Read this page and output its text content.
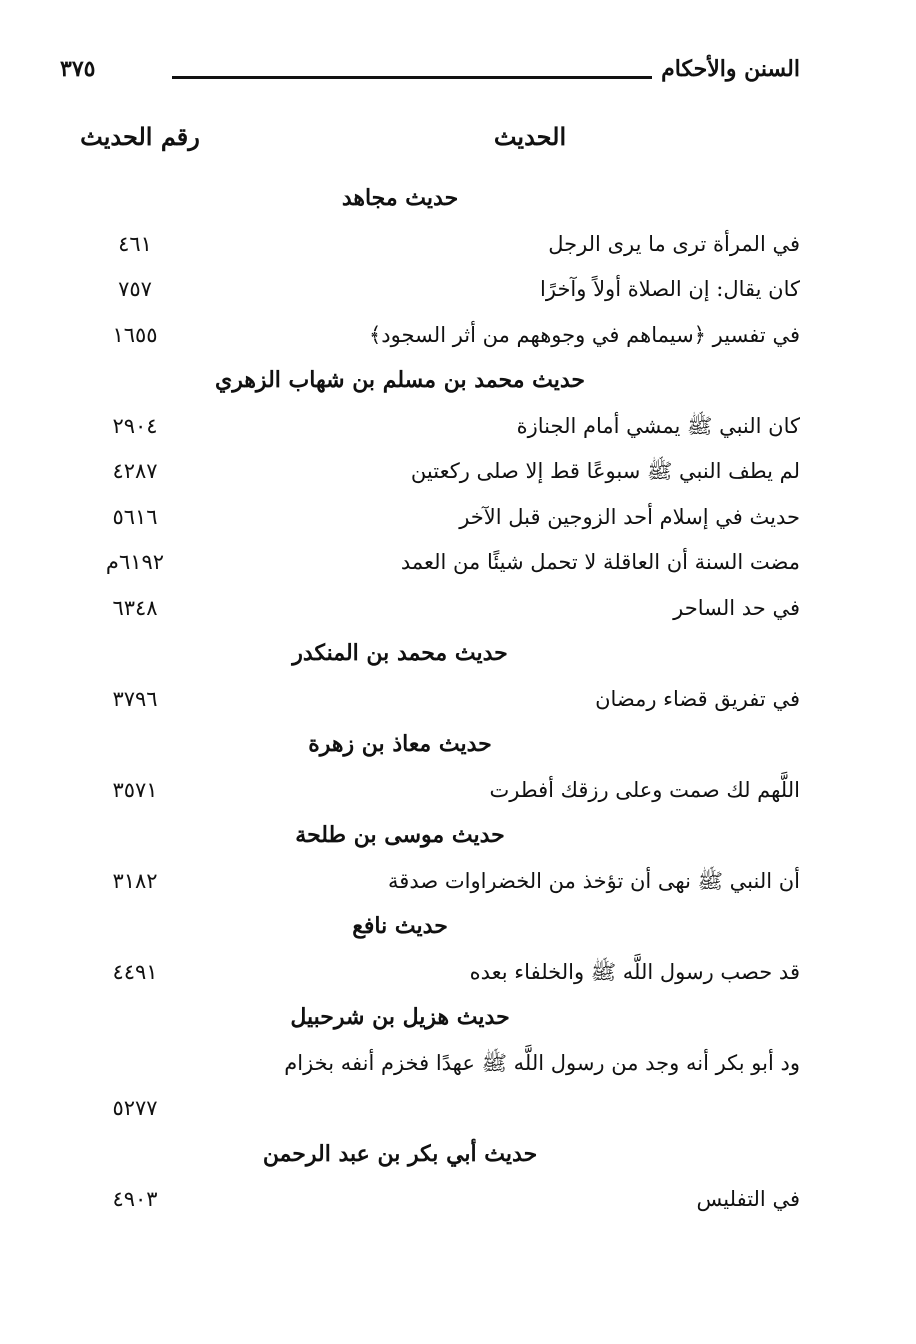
السنن والأحكام
٣٧٥
الحديث
رقم الحديث
حديث مجاهد
في المرأة ترى ما يرى الرجل
٤٦١
كان يقال: إن الصلاة أولاً وآخرًا
٧٥٧
في تفسير ﴿سيماهم في وجوههم من أثر السجود﴾
١٦٥٥
حديث محمد بن مسلم بن شهاب الزهري
كان النبي ﷺ يمشي أمام الجنازة
٢٩٠٤
لم يطف النبي ﷺ سبوعًا قط إلا صلى ركعتين
٤٢٨٧
حديث في إسلام أحد الزوجين قبل الآخر
٥٦١٦
مضت السنة أن العاقلة لا تحمل شيئًا من العمد
٦١٩٢م
في حد الساحر
٦٣٤٨
حديث محمد بن المنكدر
في تفريق قضاء رمضان
٣٧٩٦
حديث معاذ بن زهرة
اللَّهم لك صمت وعلى رزقك أفطرت
٣٥٧١
حديث موسى بن طلحة
أن النبي ﷺ نهى أن تؤخذ من الخضراوات صدقة
٣١٨٢
حديث نافع
قد حصب رسول اللَّه ﷺ والخلفاء بعده
٤٤٩١
حديث هزيل بن شرحبيل
ود أبو بكر أنه وجد من رسول اللَّه ﷺ عهدًا فخزم أنفه بخزام
٥٢٧٧
حديث أبي بكر بن عبد الرحمن
في التفليس
٤٩٠٣
